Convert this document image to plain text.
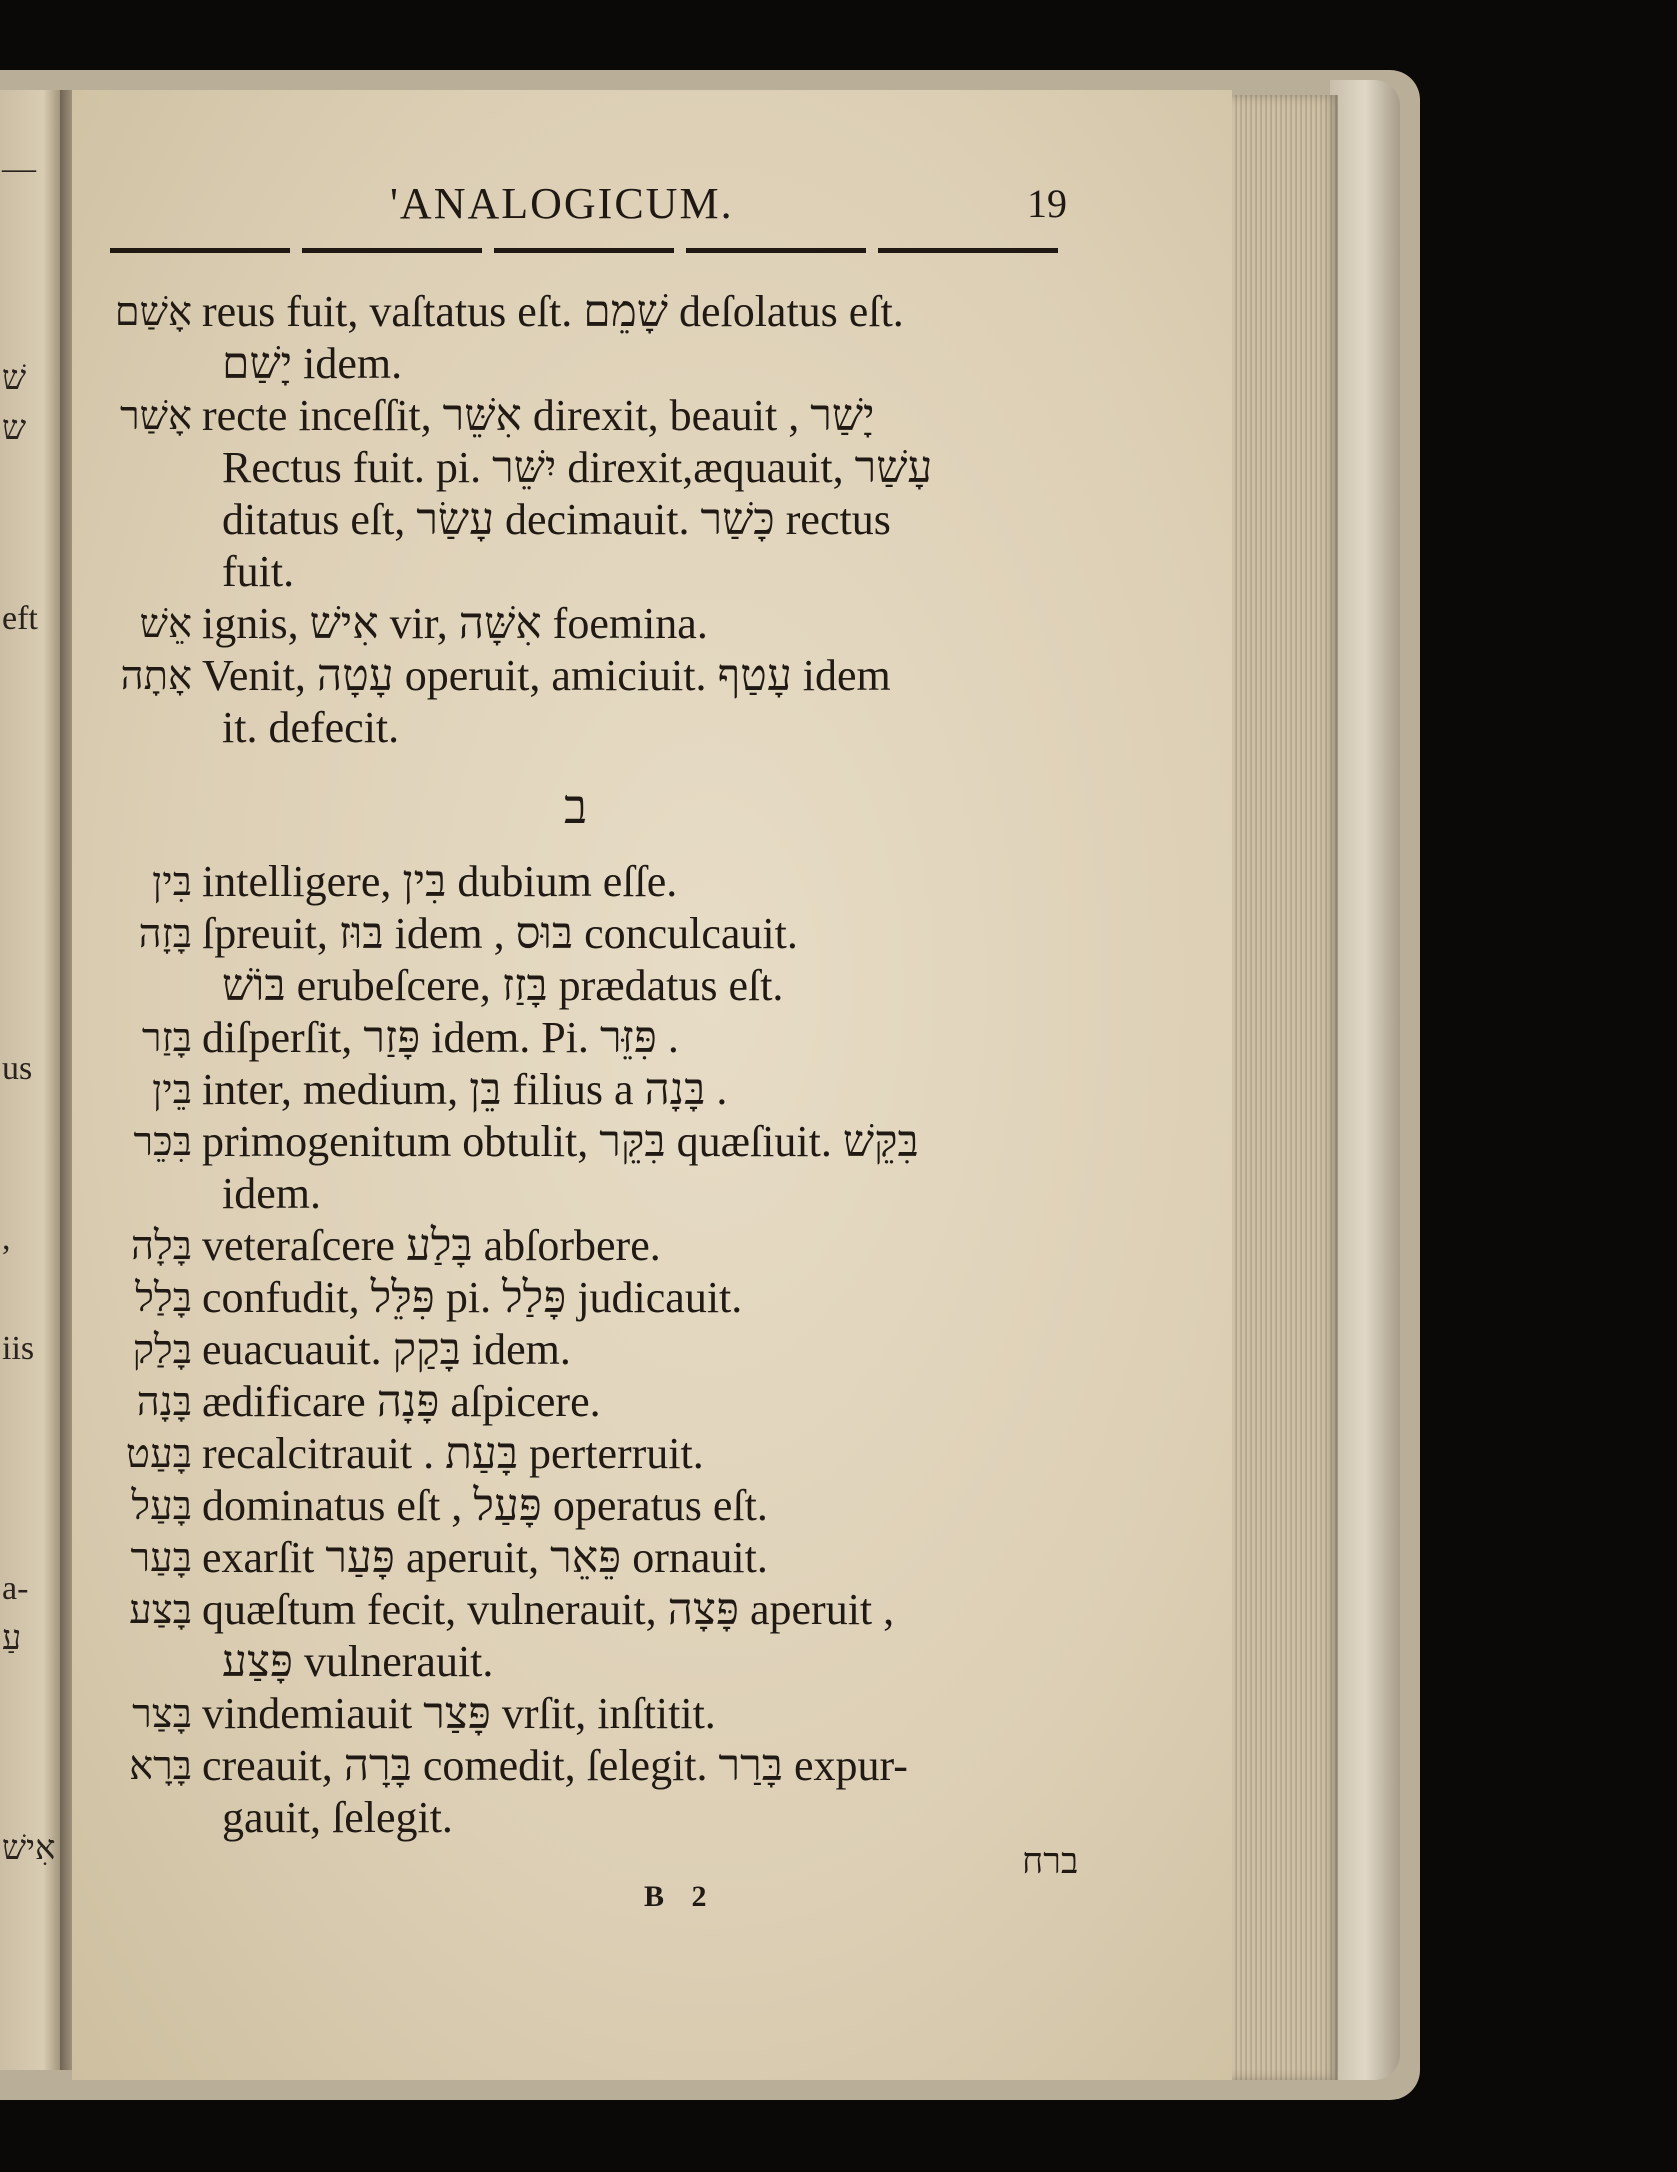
—
שׁ
ש
eft
us
,
iis
a-
עַ
אִישׁ
'ANALOGICUM.	19
ב
ברח
B 2
אָשַׁם reus fuit, vaſtatus eſt. שָׁמֵם deſolatus eſt.
יָשַׁם idem.
אָשַׁר recte inceſſit, אִשֵּׁר direxit, beauit , יָשַׁר
Rectus fuit. pi. יִשֵּׁר direxit,æquauit, עָשַׁר
ditatus eſt, עָשַׂר decimauit. כָּשַׁר rectus
fuit.
אֵשׁ ignis, אִישׁ vir, אִשָּׁה foemina.
אָתָה Venit, עָטָה operuit, amiciuit. עָטַף idem
it. defecit.
בִּין intelligere, בִּין dubium eſſe.
בָּזָה ſpreuit, בּוּז idem , בּוּס conculcauit.
בּוֹשׁ erubeſcere, בָּזַז prædatus eſt.
בָּזַר diſperſit, פָּזַר idem. Pi. פִּזֵּר .
בֵּין inter, medium, בֵּן filius a בָּנָה .
בִּכֵּר primogenitum obtulit, בִּקֵּר quæſiuit. בִּקֵּשׁ
idem.
בָּלָה veteraſcere בָּלַע abſorbere.
בָּלַל confudit, פִּלֵּל pi. פָּלַל judicauit.
בָּלַק euacuauit. בָּקַק idem.
בָּנָה ædificare פָּנָה aſpicere.
בָּעַט recalcitrauit . בָּעַת perterruit.
בָּעַל dominatus eſt , פָּעַל operatus eſt.
בָּעַר exarſit פָּעַר aperuit, פֵּאֵר ornauit.
בָּצַע quæſtum fecit, vulnerauit, פָּצָה aperuit ,
פָּצַע vulnerauit.
בָּצַר vindemiauit פָּצַר vrſit, inſtitit.
בָּרָא creauit, בָּרָה comedit, ſelegit. בָּרַר expur-
gauit, ſelegit.
